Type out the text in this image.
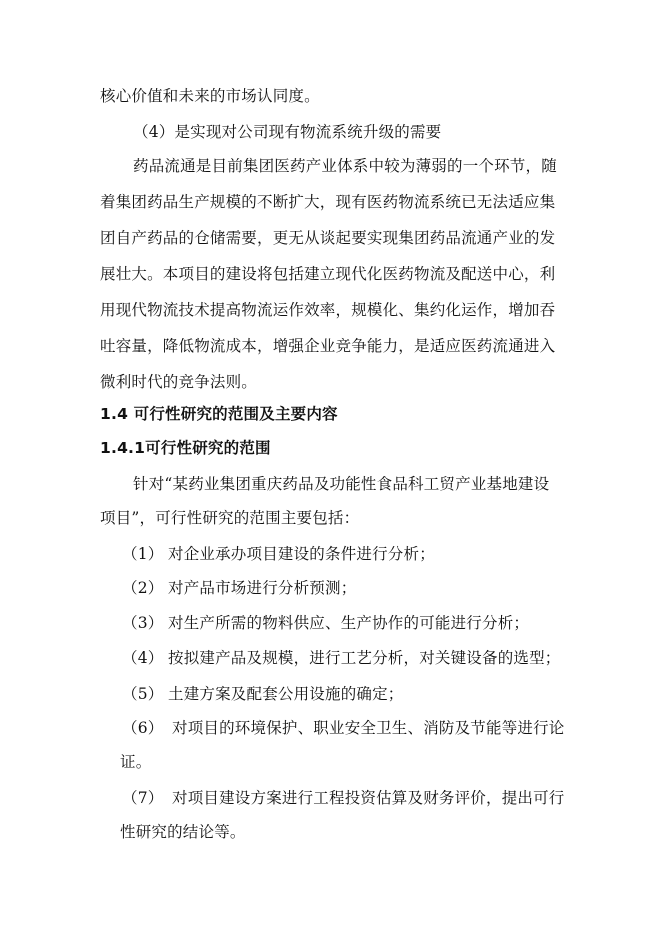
核心价值和未来的市场认同度。
（4）是实现对公司现有物流系统升级的需要
药品流通是目前集团医药产业体系中较为薄弱的一个环节，随
着集团药品生产规模的不断扩大，现有医药物流系统已无法适应集
团自产药品的仓储需要，更无从谈起要实现集团药品流通产业的发
展壮大。本项目的建设将包括建立现代化医药物流及配送中心，利
用现代物流技术提高物流运作效率，规模化、集约化运作，增加吞
吐容量，降低物流成本，增强企业竞争能力，是适应医药流通进入
微利时代的竞争法则。
1.4 可行性研究的范围及主要内容
1.4.1可行性研究的范围
针对“某药业集团重庆药品及功能性食品科工贸产业基地建设
项目”，可行性研究的范围主要包括：
（1） 对企业承办项目建设的条件进行分析；
（2） 对产品市场进行分析预测；
（3） 对生产所需的物料供应、生产协作的可能进行分析；
（4） 按拟建产品及规模，进行工艺分析，对关键设备的选型；
（5） 土建方案及配套公用设施的确定；
（6） 对项目的环境保护、职业安全卫生、消防及节能等进行论
证。
（7） 对项目建设方案进行工程投资估算及财务评价，提出可行
性研究的结论等。
